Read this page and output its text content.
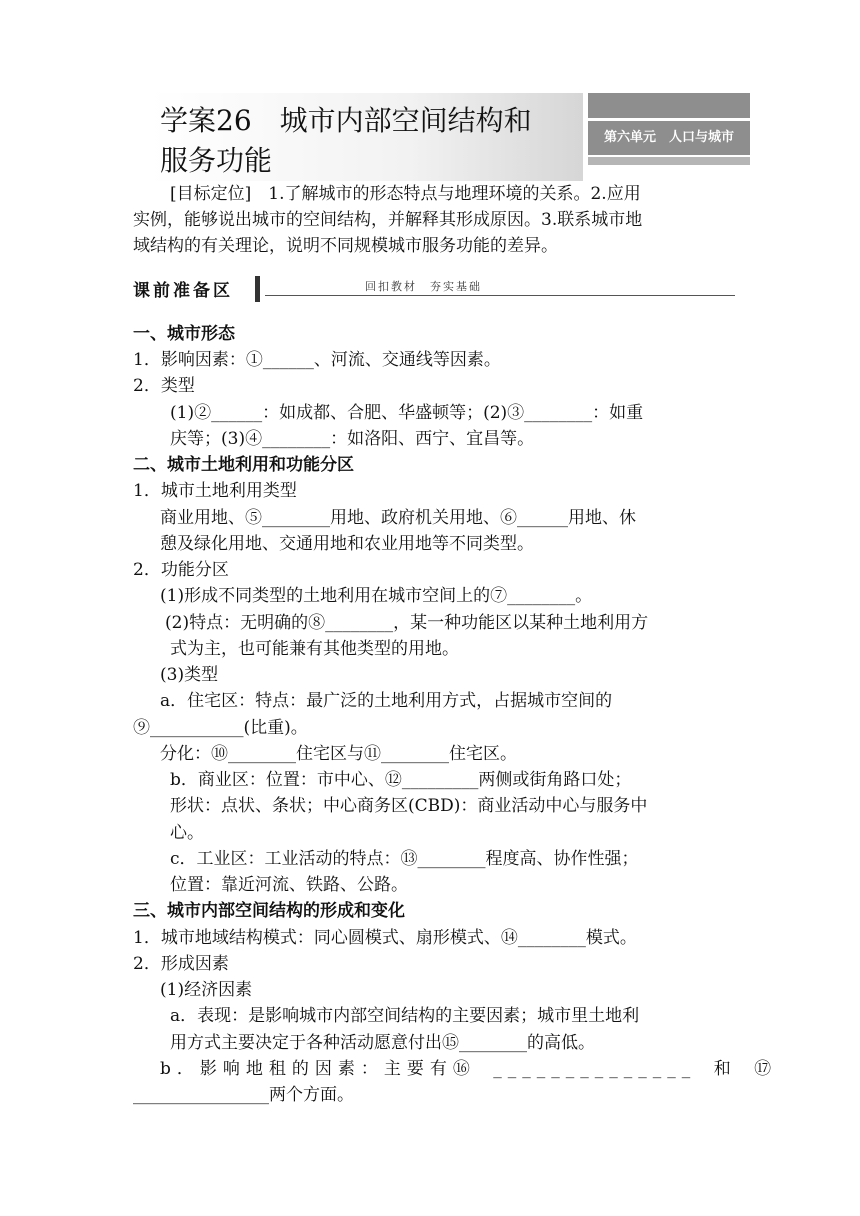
学案26　城市内部空间结构和
服务功能
第六单元　人口与城市
[目标定位]　1.了解城市的形态特点与地理环境的关系。2.应用
实例，能够说出城市的空间结构，并解释其形成原因。3.联系城市地
域结构的有关理论，说明不同规模城市服务功能的差异。
课前准备区	回扣教材　夯实基础
一、城市形态
1．影响因素：①______、河流、交通线等因素。
2．类型
(1)②______：如成都、合肥、华盛顿等；(2)③________：如重
庆等；(3)④________：如洛阳、西宁、宜昌等。
二、城市土地利用和功能分区
1．城市土地利用类型
商业用地、⑤________用地、政府机关用地、⑥______用地、休
憩及绿化用地、交通用地和农业用地等不同类型。
2．功能分区
(1)形成不同类型的土地利用在城市空间上的⑦________。
(2)特点：无明确的⑧________，某一种功能区以某种土地利用方
式为主，也可能兼有其他类型的用地。
(3)类型
a．住宅区：特点：最广泛的土地利用方式，占据城市空间的
⑨___________(比重)。
分化：⑩________住宅区与⑪________住宅区。
b．商业区：位置：市中心、⑫_________两侧或街角路口处；
形状：点状、条状；中心商务区(CBD)：商业活动中心与服务中
心。
c．工业区：工业活动的特点：⑬________程度高、协作性强；
位置：靠近河流、铁路、公路。
三、城市内部空间结构的形成和变化
1．城市地域结构模式：同心圆模式、扇形模式、⑭________模式。
2．形成因素
(1)经济因素
a．表现：是影响城市内部空间结构的主要因素；城市里土地利
用方式主要决定于各种活动愿意付出⑮________的高低。
b．影响地租的因素：主要有⑯ ______________ 和 ⑰
________________两个方面。
